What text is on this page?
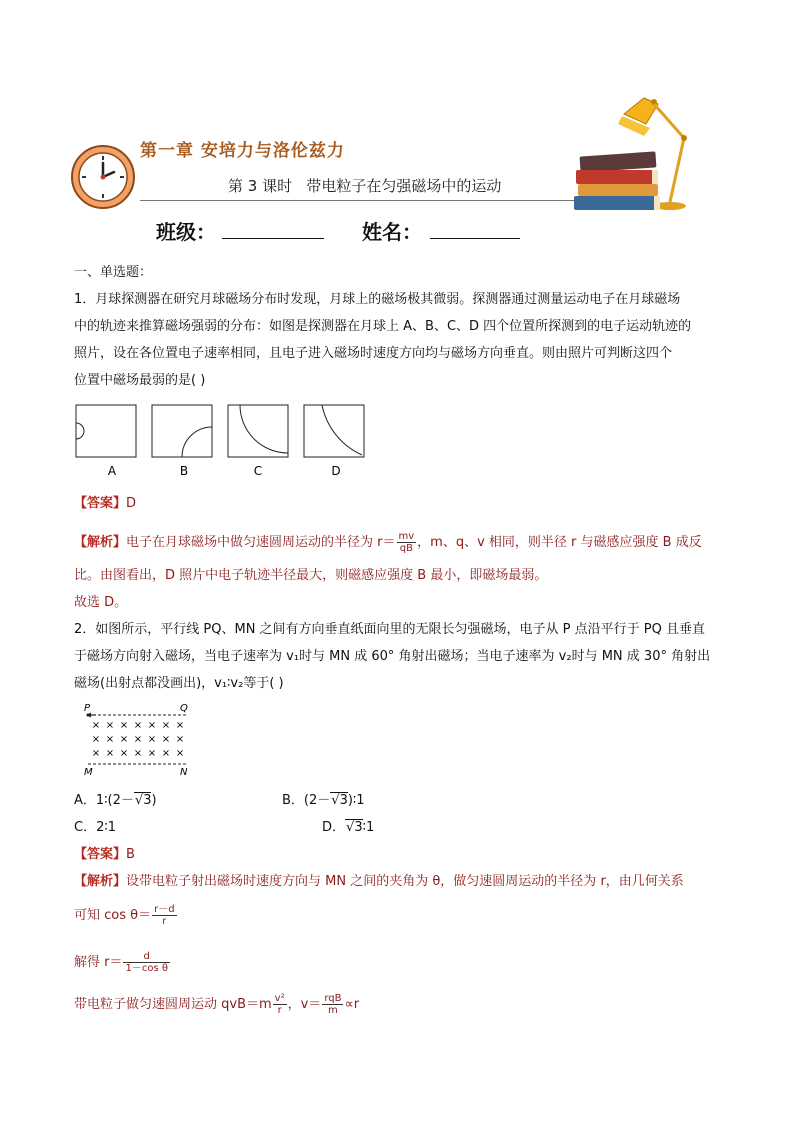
第一章 安培力与洛伦兹力
第 3 课时   带电粒子在匀强磁场中的运动
班级：	姓名：
一、单选题：
1．月球探测器在研究月球磁场分布时发现，月球上的磁场极其微弱。探测器通过测量运动电子在月球磁场
中的轨迹来推算磁场强弱的分布：如图是探测器在月球上 A、B、C、D 四个位置所探测到的电子运动轨迹的
照片，设在各位置电子速率相同，且电子进入磁场时速度方向均与磁场方向垂直。则由照片可判断这四个
位置中磁场最弱的是( )
A	B	C	D
【答案】D
【解析】电子在月球磁场中做匀速圆周运动的半径为 $r= \frac{mv}{qB}$ ，m、q、v 相同，则半径 r 与磁感应强度 B 成反
比。由图看出，D 照片中电子轨迹半径最大，则磁感应强度 B 最小，即磁场最弱。
故选 D。
2．如图所示，平行线 PQ、MN 之间有方向垂直纸面向里的无限长匀强磁场，电子从 P 点沿平行于 PQ 且垂直
于磁场方向射入磁场，当电子速率为 v₁时与 MN 成 60° 角射出磁场；当电子速率为 v₂时与 MN 成 30° 角射出
磁场(出射点都没画出)，v₁∶v₂等于( )
P	Q
M	N
× × × × × × ×
× × × × × × ×
× × × × × × ×
A．1∶(2－√3)	B．(2－√3)∶1
C．2∶1	D．√3∶1
【答案】B
【解析】设带电粒子射出磁场时速度方向与 MN 之间的夹角为 θ，做匀速圆周运动的半径为 r，由几何关系
可知 $\cos \theta= \frac{r-d}{r}$
解得 $r= \frac{d}{\text{1－cos θ}}$
带电粒子做匀速圆周运动 $qvB=m \frac{\text{v²}}{r}$ ，$v= \frac{\text{rqB}}{m} \propto r$
